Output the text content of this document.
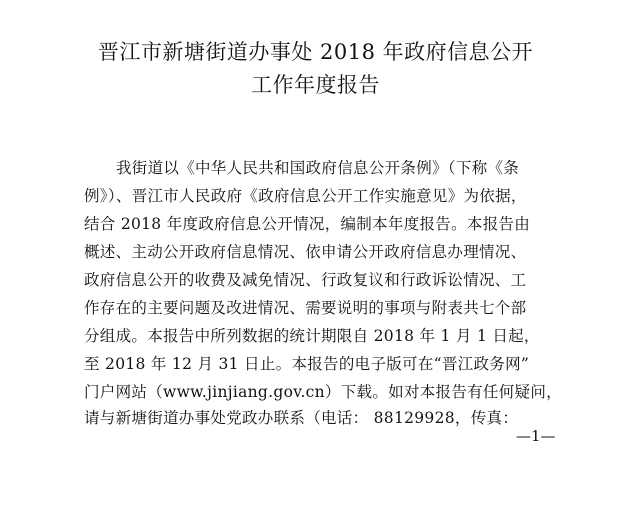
晋江市新塘街道办事处 2018 年政府信息公开
工作年度报告
我街道以《中华人民共和国政府信息公开条例》（下称《条
例》）、晋江市人民政府《政府信息公开工作实施意见》为依据，
结合 2018 年度政府信息公开情况，编制本年度报告。本报告由
概述、主动公开政府信息情况、依申请公开政府信息办理情况、
政府信息公开的收费及减免情况、行政复议和行政诉讼情况、工
作存在的主要问题及改进情况、需要说明的事项与附表共七个部
分组成。本报告中所列数据的统计期限自 2018 年 1 月 1 日起，
至 2018 年 12 月 31 日止。本报告的电子版可在“晋江政务网”
门户网站（www.jinjiang.gov.cn）下载。如对本报告有任何疑问，
请与新塘街道办事处党政办联系（电话： 88129928，传真：
—1—
